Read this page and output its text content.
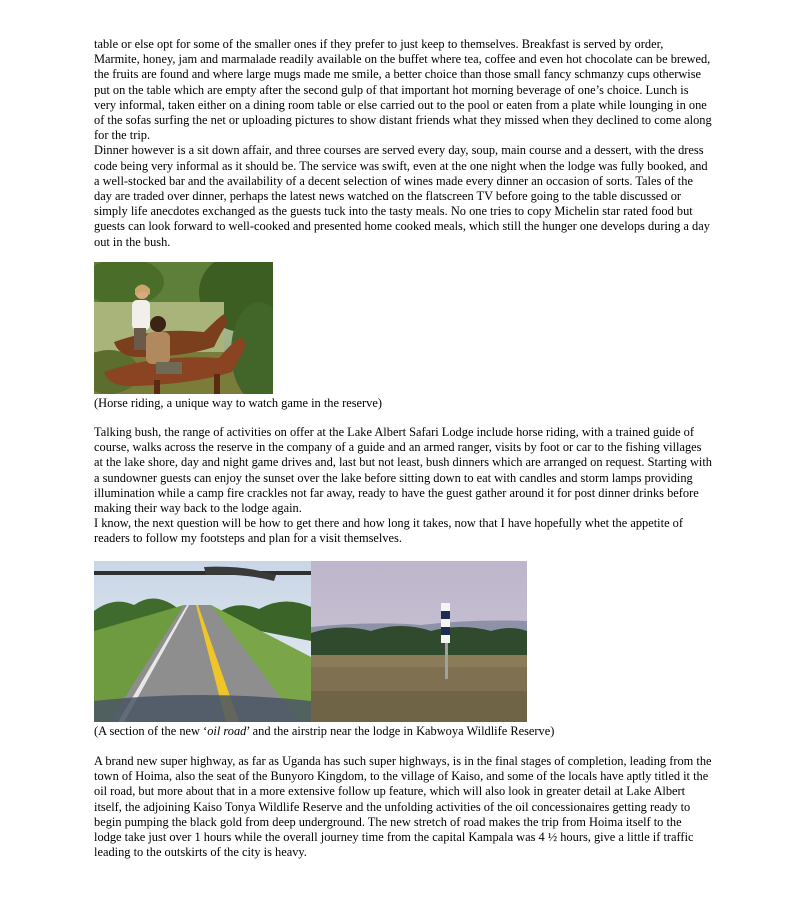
table or else opt for some of the smaller ones if they prefer to just keep to themselves. Breakfast is served by order, Marmite, honey, jam and marmalade readily available on the buffet where tea, coffee and even hot chocolate can be brewed, the fruits are found and where large mugs made me smile, a better choice than those small fancy schmanzy cups otherwise put on the table which are empty after the second gulp of that important hot morning beverage of one’s choice. Lunch is very informal, taken either on a dining room table or else carried out to the pool or eaten from a plate while lounging in one of the sofas surfing the net or uploading pictures to show distant friends what they missed when they declined to come along for the trip.

Dinner however is a sit down affair, and three courses are served every day, soup, main course and a dessert, with the dress code being very informal as it should be. The service was swift, even at the one night when the lodge was fully booked, and a well-stocked bar and the availability of a decent selection of wines made every dinner an occasion of sorts. Tales of the day are traded over dinner, perhaps the latest news watched on the flatscreen TV before going to the table discussed or simply life anecdotes exchanged as the guests tuck into the tasty meals. No one tries to copy Michelin star rated food but guests can look forward to well-cooked and presented home cooked meals, which still the hunger one develops during a day out in the bush.

(Horse riding, a unique way to watch game in the reserve)

Talking bush, the range of activities on offer at the Lake Albert Safari Lodge include horse riding, with a trained guide of course, walks across the reserve in the company of a guide and an armed ranger, visits by foot or car to the fishing villages at the lake shore, day and night game drives and, last but not least, bush dinners which are arranged on request. Starting with a sundowner guests can enjoy the sunset over the lake before sitting down to eat with candles and storm lamps providing illumination while a camp fire crackles not far away, ready to have the guest gather around it for post dinner drinks before making their way back to the lodge again.

I know, the next question will be how to get there and how long it takes, now that I have hopefully whet the appetite of readers to follow my footsteps and plan for a visit themselves.

(A section of the new ‘oil road’ and the airstrip near the lodge in Kabwoya Wildlife Reserve)

A brand new super highway, as far as Uganda has such super highways, is in the final stages of completion, leading from the town of Hoima, also the seat of the Bunyoro Kingdom, to the village of Kaiso, and some of the locals have aptly titled it the oil road, but more about that in a more extensive follow up feature, which will also look in greater detail at Lake Albert itself, the adjoining Kaiso Tonya Wildlife Reserve and the unfolding activities of the oil concessionaires getting ready to begin pumping the black gold from deep underground. The new stretch of road makes the trip from Hoima itself to the lodge take just over 1 hours while the overall journey time from the capital Kampala was 4 ½ hours, give a little if traffic leading to the outskirts of the city is heavy.
